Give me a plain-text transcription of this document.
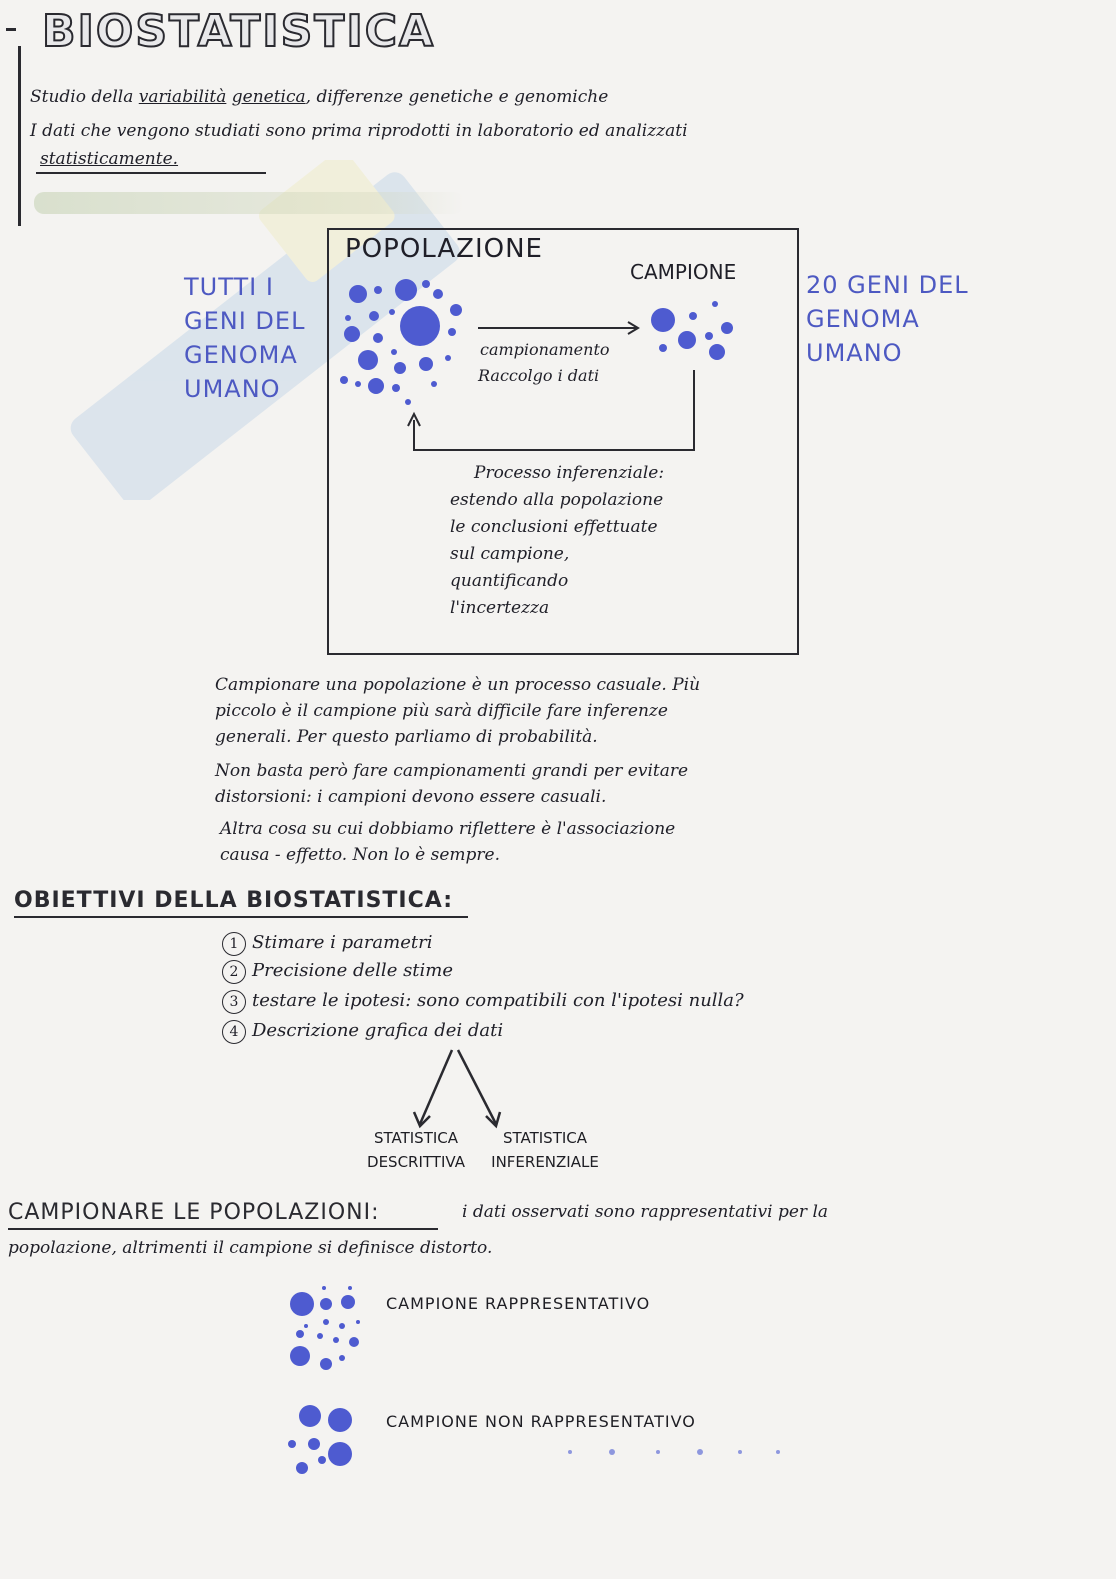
BIOSTATISTICA
Studio della variabilità genetica, differenze genetiche e genomiche
I dati che vengono studiati sono prima riprodotti in laboratorio ed analizzati
statisticamente.
POPOLAZIONE
CAMPIONE
TUTTI I
GENI DEL
GENOMA
UMANO
20 GENI DEL
GENOMA
UMANO
campionamento
Raccolgo i dati
Processo inferenziale:
estendo alla popolazione
le conclusioni effettuate
sul campione,
quantificando
l'incertezza
Campionare una popolazione è un processo casuale. Più
piccolo è il campione più sarà difficile fare inferenze
generali. Per questo parliamo di probabilità.
Non basta però fare campionamenti grandi per evitare
distorsioni: i campioni devono essere casuali.
Altra cosa su cui dobbiamo riflettere è l'associazione
causa - effetto. Non lo è sempre.
OBIETTIVI DELLA BIOSTATISTICA:
1 Stimare i parametri
2 Precisione delle stime
3 testare le ipotesi: sono compatibili con l'ipotesi nulla?
4 Descrizione grafica dei dati
STATISTICA
DESCRITTIVA
STATISTICA
INFERENZIALE
CAMPIONARE LE POPOLAZIONI:	i dati osservati sono rappresentativi per la
popolazione, altrimenti il campione si definisce distorto.
CAMPIONE RAPPRESENTATIVO
CAMPIONE NON RAPPRESENTATIVO
